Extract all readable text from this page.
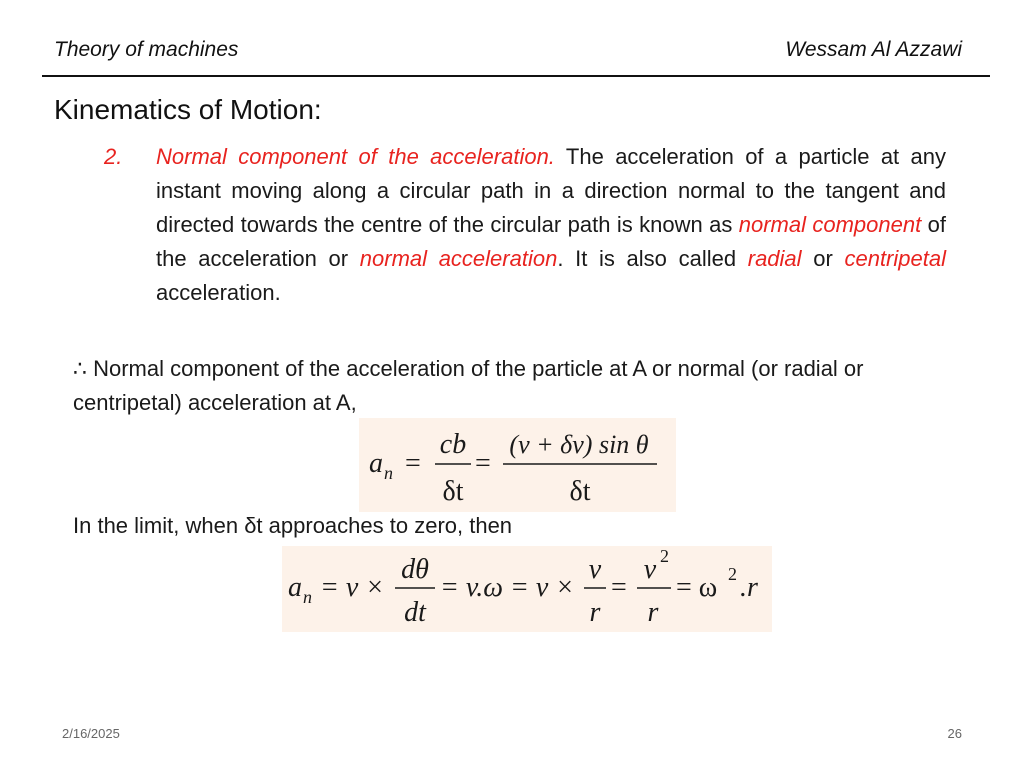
Theory of machines	Wessam Al Azzawi
Kinematics of Motion:
2. Normal component of the acceleration. The acceleration of a particle at any instant moving along a circular path in a direction normal to the tangent and directed towards the centre of the circular path is known as normal component of the acceleration or normal acceleration. It is also called radial or centripetal acceleration.
∴ Normal component of the acceleration of the particle at A or normal (or radial or centripetal) acceleration at A,
a n =
cb
δt
=
(v + δv) sin θ
δt
In the limit, when δt approaches to zero, then
a n = v ×
dθ
dt
= v.ω = v ×
v
r
=
v 2
r
= ω 2 .r
2/16/2025	26
